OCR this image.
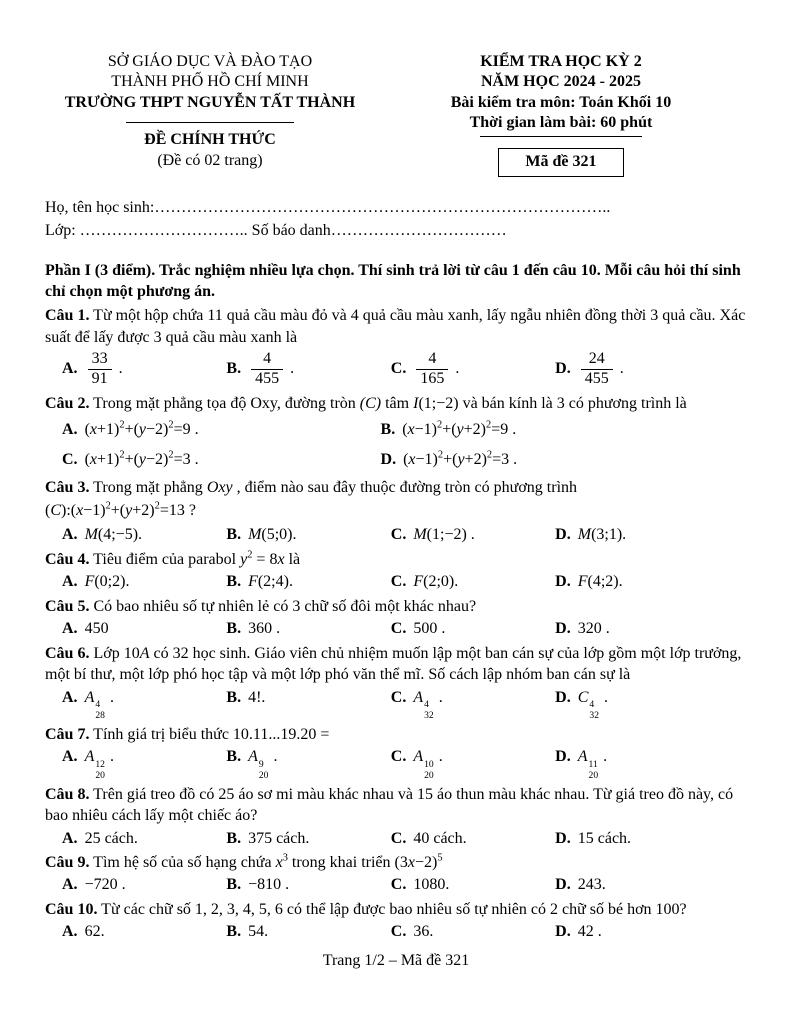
SỞ GIÁO DỤC VÀ ĐÀO TẠO
THÀNH PHỐ HỒ CHÍ MINH
TRƯỜNG THPT NGUYỄN TẤT THÀNH
ĐỀ CHÍNH THỨC
(Đề có 02 trang)
KIỂM TRA HỌC KỲ 2
NĂM HỌC 2024 - 2025
Bài kiểm tra môn: Toán Khối 10
Thời gian làm bài: 60 phút
Mã đề 321
Họ, tên học sinh:…………………………………………………………………………..
Lớp: ………………………….. Số báo danh……………………………

Phần I (3 điểm). Trắc nghiệm nhiều lựa chọn. Thí sinh trả lời từ câu 1 đến câu 10. Mỗi câu hỏi thí sinh chỉ chọn một phương án.

Câu 1. Từ một hộp chứa 11 quả cầu màu đỏ và 4 quả cầu màu xanh, lấy ngẫu nhiên đồng thời 3 quả cầu. Xác suất để lấy được 3 quả cầu màu xanh là

A. $\frac{33}{91}$ .	B. $\frac{4}{455}$ .	C. $\frac{4}{165}$ .	D. $\frac{24}{455}$ .

Câu 2. Trong mặt phẳng tọa độ Oxy, đường tròn (C) tâm I(1;−2) và bán kính là 3 có phương trình là

A. $(x+1)^2+(y-2)^2=9$ .	B. $(x-1)^2+(y+2)^2=9$ .
C. $(x+1)^2+(y-2)^2=3$ .	D. $(x-1)^2+(y+2)^2=3$ .

Câu 3. Trong mặt phẳng Oxy , điểm nào sau đây thuộc đường tròn có phương trình

$(C):(x-1)^2+(y+2)^2=13$ ?

A. M(4;−5).	B. M(5;0).	C. M(1;−2) .	D. M(3;1).

Câu 4. Tiêu điểm của parabol $y^2 = 8x$ là

A. F(0;2).	B. F(2;4).	C. F(2;0).	D. F(4;2).

Câu 5. Có bao nhiêu số tự nhiên lẻ có 3 chữ số đôi một khác nhau?

A. 450	B. 360 .	C. 500 .	D. 320 .

Câu 6. Lớp 10A có 32 học sinh. Giáo viên chủ nhiệm muốn lập một ban cán sự của lớp gồm một lớp trưởng, một bí thư, một lớp phó học tập và một lớp phó văn thể mĩ. Số cách lập nhóm ban cán sự là

A. A 4
28
.	B. 4!.	C. A 4
32
.	D. C 4
32
.

Câu 7. Tính giá trị biểu thức 10.11...19.20 =

A. A 12
20
.	B. A 9
20
.	C. A 10
20
.	D. A 11
20
.

Câu 8. Trên giá treo đồ có 25 áo sơ mi màu khác nhau và 15 áo thun màu khác nhau. Từ giá treo đồ này, có bao nhiêu cách lấy một chiếc áo?

A. 25 cách.	B. 375 cách.	C. 40 cách.	D. 15 cách.

Câu 9. Tìm hệ số của số hạng chứa $x^3$ trong khai triển $(3x-2)^5$

A. −720 .	B. −810 .	C. 1080.	D. 243.

Câu 10. Từ các chữ số 1, 2, 3, 4, 5, 6 có thể lập được bao nhiêu số tự nhiên có 2 chữ số bé hơn 100?

A. 62.	B. 54.	C. 36.	D. 42 .
Trang 1/2 – Mã đề 321
